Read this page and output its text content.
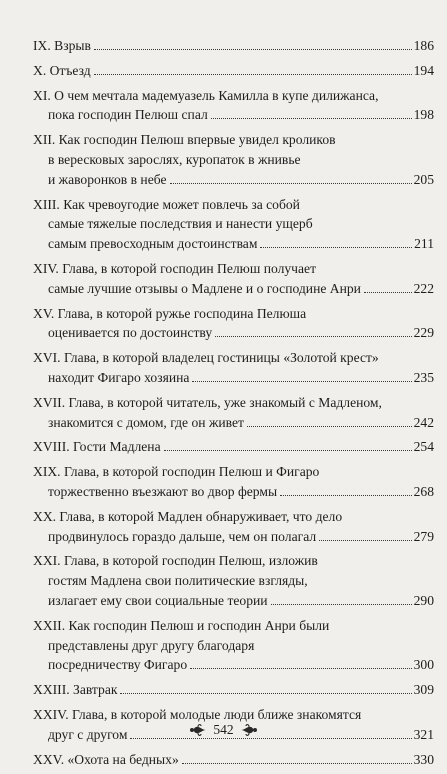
IX. Взрыв	186
X. Отъезд	194
XI. О чем мечтала мадемуазель Камилла в купе дилижанса,
пока господин Пелюш спал	198
XII. Как господин Пелюш впервые увидел кроликов
в вересковых зарослях, куропаток в жнивье
и жаворонков в небе	205
XIII. Как чревоугодие может повлечь за собой
самые тяжелые последствия и нанести ущерб
самым превосходным достоинствам	211
XIV. Глава, в которой господин Пелюш получает
самые лучшие отзывы о Мадлене и о господине Анри	222
XV. Глава, в которой ружье господина Пелюша
оценивается по достоинству	229
XVI. Глава, в которой владелец гостиницы «Золотой крест»
находит Фигаро хозяина	235
XVII. Глава, в которой читатель, уже знакомый с Мадленом,
знакомится с домом, где он живет	242
XVIII. Гости Мадлена	254
XIX. Глава, в которой господин Пелюш и Фигаро
торжественно въезжают во двор фермы	268
XX. Глава, в которой Мадлен обнаруживает, что дело
продвинулось гораздо дальше, чем он полагал	279
XXI. Глава, в которой господин Пелюш, изложив
гостям Мадлена свои политические взгляды,
излагает ему свои социальные теории	290
XXII. Как господин Пелюш и господин Анри были
представлены друг другу благодаря
посредничеству Фигаро	300
XXIII. Завтрак	309
XXIV. Глава, в которой молодые люди ближе знакомятся
друг с другом	321
XXV. «Охота на бедных»	330
542
